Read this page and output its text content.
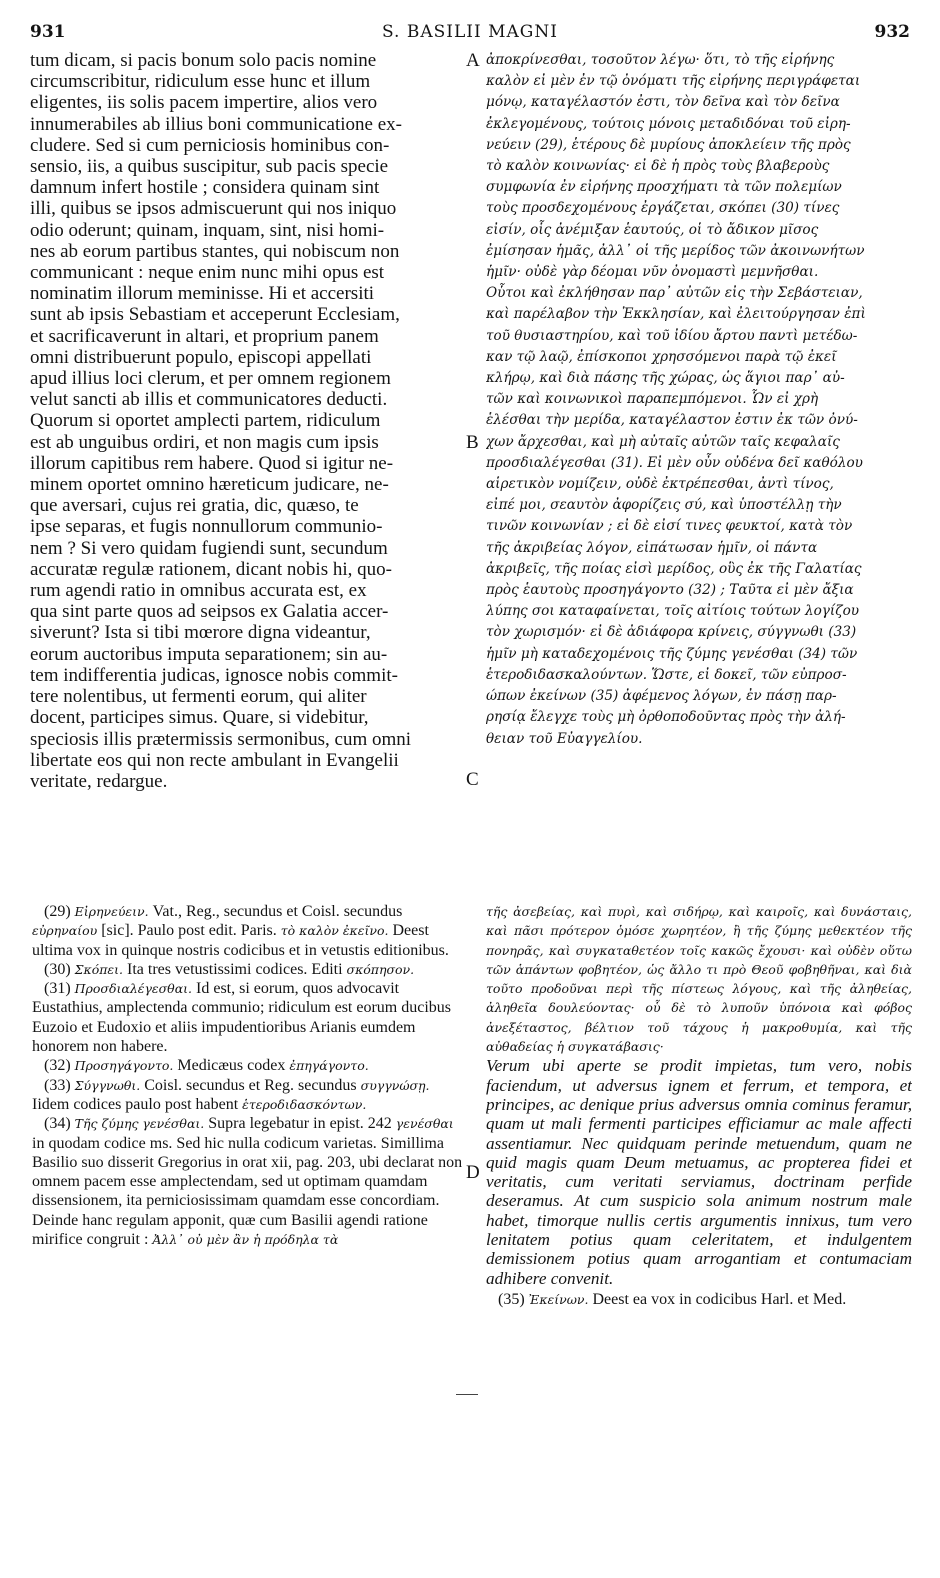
S. BASILII MAGNI
931	932
tum dicam, si pacis bonum solo pacis nomine
circumscribitur, ridiculum esse hunc et illum
eligentes, iis solis pacem impertire, alios vero
innumerabiles ab illius boni communicatione ex-
cludere. Sed si cum perniciosis hominibus con-
sensio, iis, a quibus suscipitur, sub pacis specie
damnum infert hostile ; considera quinam sint
illi, quibus se ipsos admiscuerunt qui nos iniquo
odio oderunt; quinam, inquam, sint, nisi homi-
nes ab eorum partibus stantes, qui nobiscum non
communicant : neque enim nunc mihi opus est
nominatim illorum meminisse. Hi et accersiti
sunt ab ipsis Sebastiam et acceperunt Ecclesiam,
et sacrificaverunt in altari, et proprium panem
omni distribuerunt populo, episcopi appellati
apud illius loci clerum, et per omnem regionem
velut sancti ab illis et communicatores deducti.
Quorum si oportet amplecti partem, ridiculum
est ab unguibus ordiri, et non magis cum ipsis
illorum capitibus rem habere. Quod si igitur ne-
minem oportet omnino hæreticum judicare, ne-
que aversari, cujus rei gratia, dic, quæso, te
ipse separas, et fugis nonnullorum communio-
nem ? Si vero quidam fugiendi sunt, secundum
accuratæ regulæ rationem, dicant nobis hi, quo-
rum agendi ratio in omnibus accurata est, ex
qua sint parte quos ad seipsos ex Galatia accer-
siverunt? Ista si tibi mœrore digna videantur,
eorum auctoribus imputa separationem; sin au-
tem indifferentia judicas, ignosce nobis commit-
tere nolentibus, ut fermenti eorum, qui aliter
docent, participes simus. Quare, si videbitur,
speciosis illis prætermissis sermonibus, cum omni
libertate eos qui non recte ambulant in Evangelii
veritate, redargue.
A
B
C
D
ἀποκρίνεσθαι, τοσοῦτον λέγω· ὅτι, τὸ τῆς εἰρήνης
καλὸν εἰ μὲν ἐν τῷ ὀνόματι τῆς εἰρήνης περιγράφεται
μόνῳ, καταγέλαστόν ἐστι, τὸν δεῖνα καὶ τὸν δεῖνα
ἐκλεγομένους, τούτοις μόνοις μεταδιδόναι τοῦ εἰρη-
νεύειν (29), ἑτέρους δὲ μυρίους ἀποκλείειν τῆς πρὸς
τὸ καλὸν κοινωνίας· εἰ δὲ ἡ πρὸς τοὺς βλαβεροὺς
συμφωνία ἐν εἰρήνης προσχήματι τὰ τῶν πολεμίων
τοὺς προσδεχομένους ἐργάζεται, σκόπει (30) τίνες
εἰσίν, οἷς ἀνέμιξαν ἑαυτούς, οἱ τὸ ἄδικον μῖσος
ἐμίσησαν ἡμᾶς, ἀλλ᾽ οἱ τῆς μερίδος τῶν ἀκοινωνήτων
ἡμῖν· οὐδὲ γὰρ δέομαι νῦν ὀνομαστὶ μεμνῆσθαι.
Οὗτοι καὶ ἐκλήθησαν παρ᾽ αὐτῶν εἰς τὴν Σεβάστειαν,
καὶ παρέλαβον τὴν Ἐκκλησίαν, καὶ ἐλειτούργησαν ἐπὶ
τοῦ θυσιαστηρίου, καὶ τοῦ ἰδίου ἄρτου παντὶ μετέδω-
καν τῷ λαῷ, ἐπίσκοποι χρησσόμενοι παρὰ τῷ ἐκεῖ
κλήρῳ, καὶ διὰ πάσης τῆς χώρας, ὡς ἅγιοι παρ᾽ αὐ-
τῶν καὶ κοινωνικοὶ παραπεμπόμενοι. Ὧν εἰ χρὴ
ἑλέσθαι τὴν μερίδα, καταγέλαστον ἐστιν ἐκ τῶν ὀνύ-
χων ἄρχεσθαι, καὶ μὴ αὐταῖς αὐτῶν ταῖς κεφαλαῖς
προσδιαλέγεσθαι (31). Εἰ μὲν οὖν οὐδένα δεῖ καθόλου
αἱρετικὸν νομίζειν, οὐδὲ ἐκτρέπεσθαι, ἀντὶ τίνος,
εἰπέ μοι, σεαυτὸν ἀφορίζεις σύ, καὶ ὑποστέλλῃ τὴν
τινῶν κοινωνίαν ; εἰ δὲ εἰσί τινες φευκτοί, κατὰ τὸν
τῆς ἀκριβείας λόγον, εἰπάτωσαν ἡμῖν, οἱ πάντα
ἀκριβεῖς, τῆς ποίας εἰσὶ μερίδος, οὓς ἐκ τῆς Γαλατίας
πρὸς ἑαυτοὺς προσηγάγοντο (32) ; Ταῦτα εἰ μὲν ἄξια
λύπης σοι καταφαίνεται, τοῖς αἰτίοις τούτων λογίζου
τὸν χωρισμόν· εἰ δὲ ἀδιάφορα κρίνεις, σύγγνωθι (33)
ἡμῖν μὴ καταδεχομένοις τῆς ζύμης γενέσθαι (34) τῶν
ἑτεροδιδασκαλούντων. Ὥστε, εἰ δοκεῖ, τῶν εὐπροσ-
ώπων ἐκείνων (35) ἀφέμενος λόγων, ἐν πάσῃ παρ-
ρησίᾳ ἔλεγχε τοὺς μὴ ὀρθοποδοῦντας πρὸς τὴν ἀλή-
θειαν τοῦ Εὐαγγελίου.

(29) Εἰρηνεύειν. Vat., Reg., secundus et Coisl. secundus εὐρηναίου [sic]. Paulo post edit. Paris. τὸ καλὸν ἐκεῖνο. Deest ultima vox in quinque nostris codicibus et in vetustis editionibus.

(30) Σκόπει. Ita tres vetustissimi codices. Editi σκόπησον.

(31) Προσδιαλέγεσθαι. Id est, si eorum, quos advocavit Eustathius, amplectenda communio; ridiculum est eorum ducibus Euzoio et Eudoxio et aliis impudentioribus Arianis eumdem honorem non habere.

(32) Προσηγάγοντο. Medicæus codex ἐπηγάγοντο.

(33) Σύγγνωθι. Coisl. secundus et Reg. secundus συγγνώσῃ. Iidem codices paulo post habent ἑτεροδιδασκόντων.

(34) Τῆς ζύμης γενέσθαι. Supra legebatur in epist. 242 γενέσθαι in quodam codice ms. Sed hic nulla codicum varietas. Simillima Basilio suo disserit Gregorius in orat xii, pag. 203, ubi declarat non omnem pacem esse amplectendam, sed ut optimam quamdam dissensionem, ita perniciosissimam quamdam esse concordiam. Deinde hanc regulam apponit, quæ cum Basilii agendi ratione mirifice congruit : Ἀλλ᾽ οὐ μὲν ἂν ἡ πρόδηλα τὰ

τῆς ἀσεβείας, καὶ πυρὶ, καὶ σιδήρῳ, καὶ καιροῖς, καὶ δυνάσταις, καὶ πᾶσι πρότερον ὁμόσε χωρητέον, ἢ τῆς ζύμης μεθεκτέον τῆς πονηρᾶς, καὶ συγκαταθετέον τοῖς κακῶς ἔχουσι· καὶ οὐδὲν οὕτω τῶν ἁπάντων φοβητέον, ὡς ἄλλο τι πρὸ Θεοῦ φοβηθῆναι, καὶ διὰ τοῦτο προδοῦναι περὶ τῆς πίστεως λόγους, καὶ τῆς ἀληθείας, ἀληθεῖα δουλεύοντας· οὗ δὲ τὸ λυποῦν ὑπόνοια καὶ φόβος ἀνεξέταστος, βέλτιον τοῦ τάχους ἡ μακροθυμία, καὶ τῆς αὐθαδείας ἡ συγκατάβασις·
Verum ubi aperte se prodit impietas, tum vero, nobis faciendum, ut adversus ignem et ferrum, et tempora, et principes, ac denique prius adversus omnia cominus feramur, quam ut mali fermenti participes efficiamur ac male affecti assentiamur. Nec quidquam perinde metuendum, quam ne quid magis quam Deum metuamus, ac propterea fidei et veritatis, cum veritati serviamus, doctrinam perfide deseramus. At cum suspicio sola animum nostrum male habet, timorque nullis certis argumentis innixus, tum vero lenitatem potius quam celeritatem, et indulgentem demissionem potius quam arrogantiam et contumaciam adhibere convenit.

(35) Ἐκείνων. Deest ea vox in codicibus Harl. et Med.
